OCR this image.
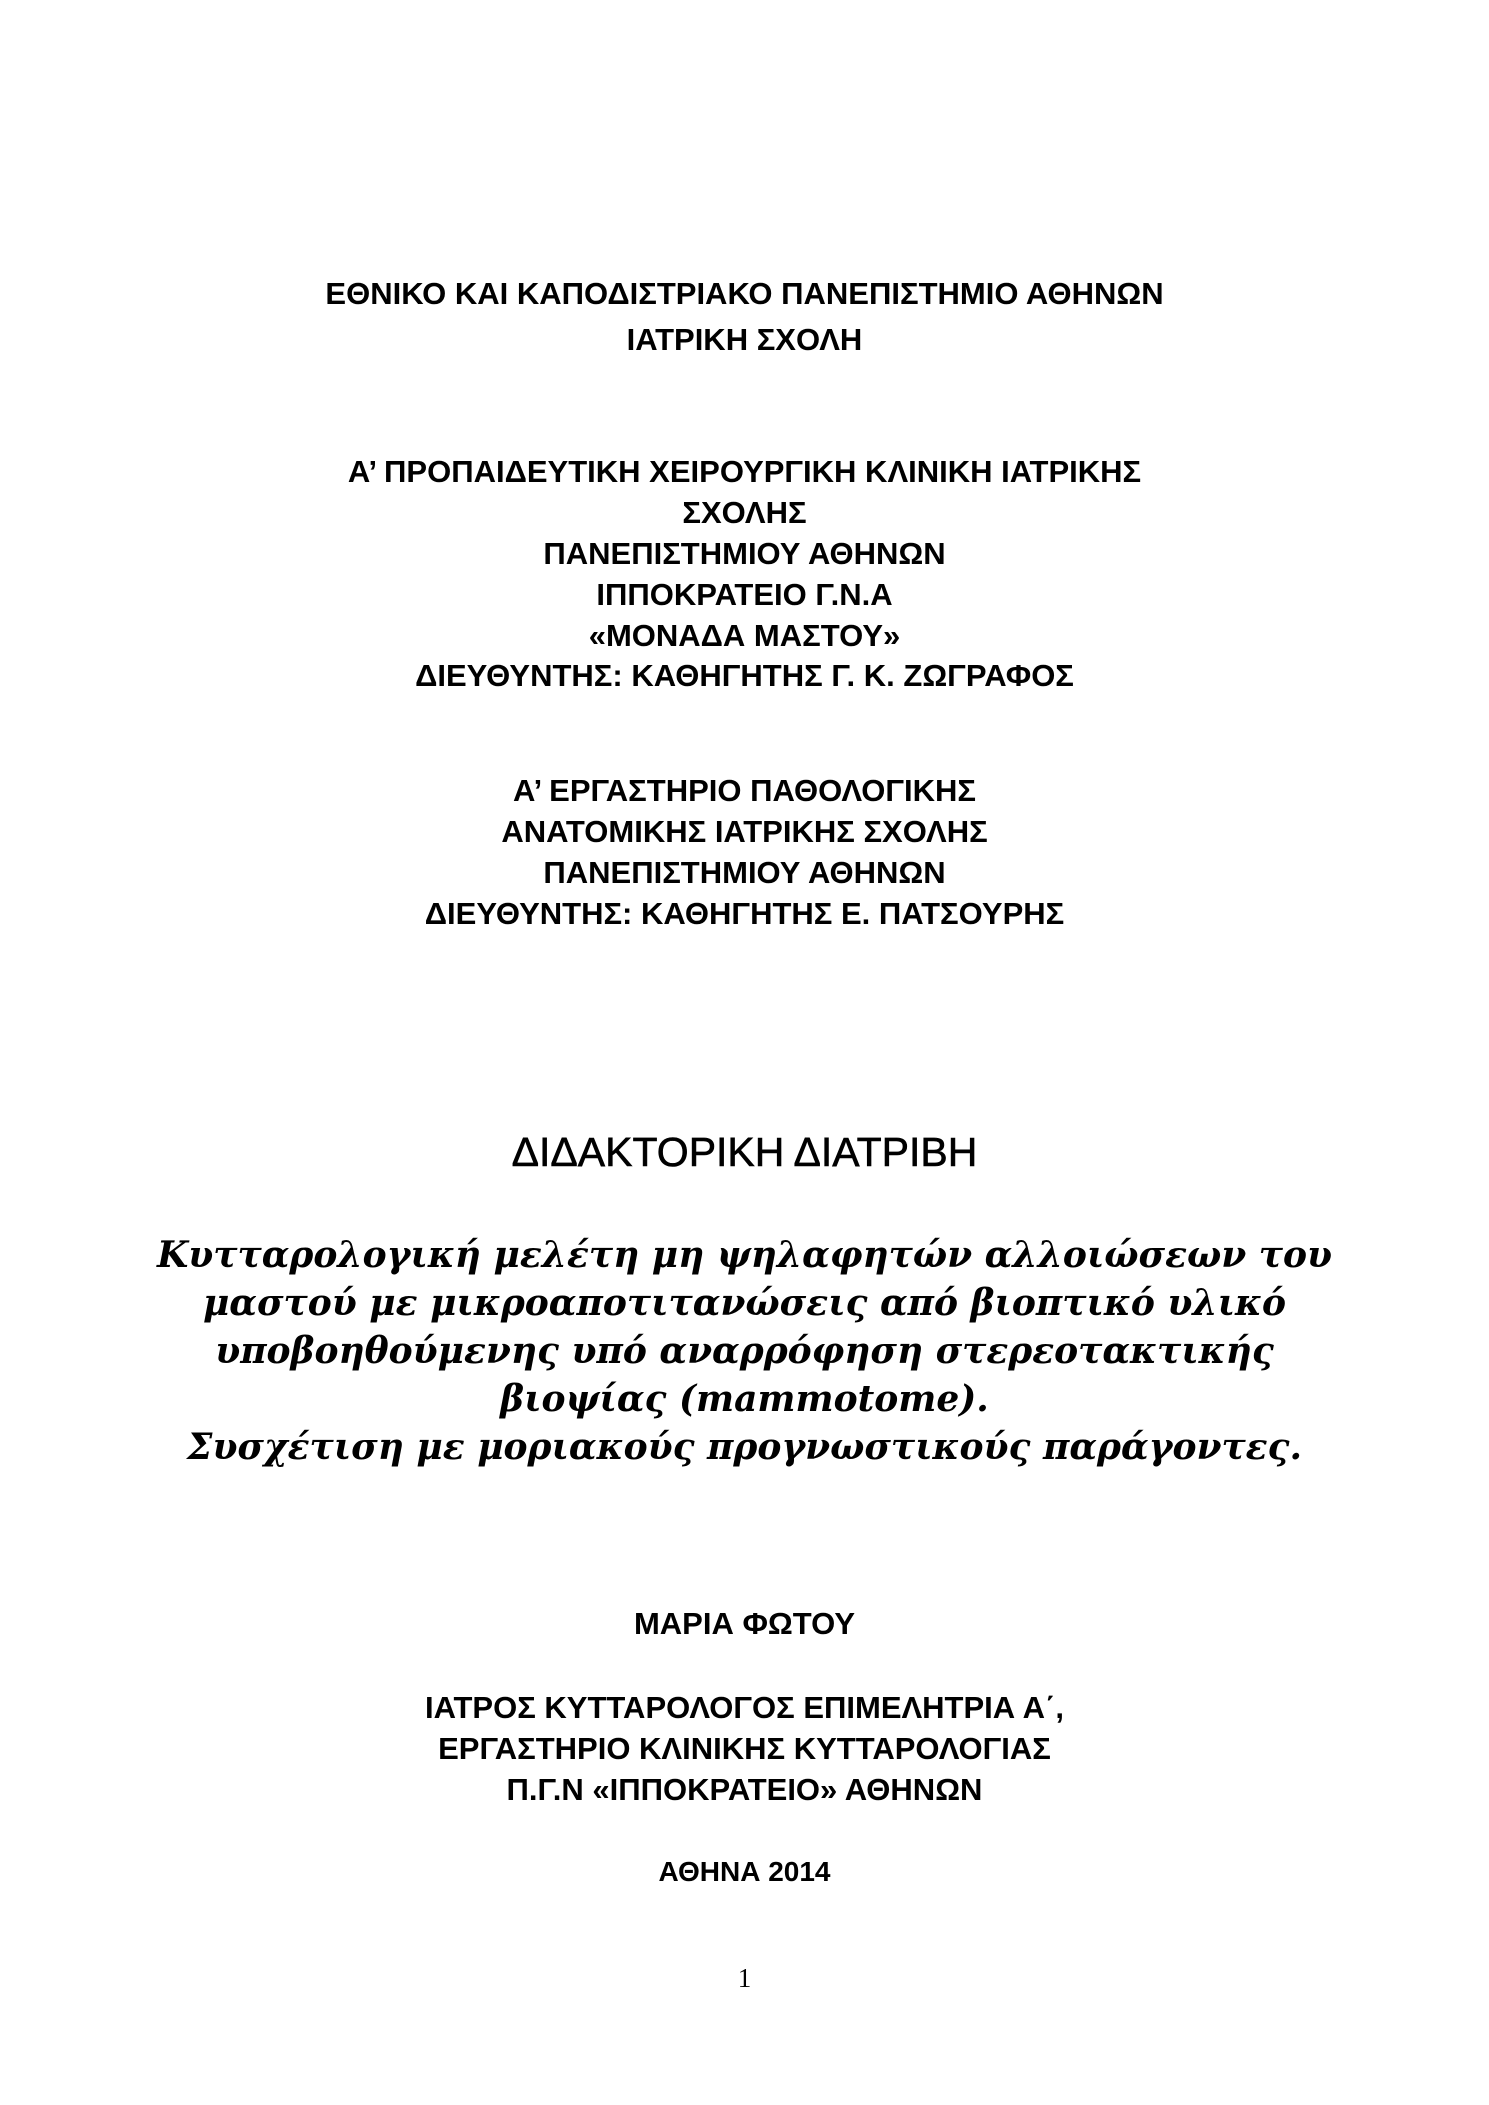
ΕΘΝΙΚΟ ΚΑΙ ΚΑΠΟΔΙΣΤΡΙΑΚΟ ΠΑΝΕΠΙΣΤΗΜΙΟ ΑΘΗΝΩΝ
ΙΑΤΡΙΚΗ ΣΧΟΛΗ
Α’ ΠΡΟΠΑΙΔΕΥΤΙΚΗ ΧΕΙΡΟΥΡΓΙΚΗ ΚΛΙΝΙΚΗ ΙΑΤΡΙΚΗΣ
ΣΧΟΛΗΣ
ΠΑΝΕΠΙΣΤΗΜΙΟΥ ΑΘΗΝΩΝ
ΙΠΠΟΚΡΑΤΕΙΟ Γ.Ν.Α
«ΜΟΝΑΔΑ ΜΑΣΤΟΥ»
ΔΙΕΥΘΥΝΤΗΣ: ΚΑΘΗΓΗΤΗΣ Γ. Κ. ΖΩΓΡΑΦΟΣ
Α’ ΕΡΓΑΣΤΗΡΙΟ ΠΑΘΟΛΟΓΙΚΗΣ
ΑΝΑΤΟΜΙΚΗΣ ΙΑΤΡΙΚΗΣ ΣΧΟΛΗΣ
ΠΑΝΕΠΙΣΤΗΜΙΟΥ ΑΘΗΝΩΝ
ΔΙΕΥΘΥΝΤΗΣ: ΚΑΘΗΓΗΤΗΣ Ε. ΠΑΤΣΟΥΡΗΣ
ΔΙΔΑΚΤΟΡΙΚΗ ΔΙΑΤΡΙΒΗ
Κυτταρολογική μελέτη μη ψηλαφητών αλλοιώσεων του
μαστού με μικροαποτιτανώσεις από βιοπτικό υλικό
υποβοηθούμενης υπό αναρρόφηση στερεοτακτικής
βιοψίας (mammotome).
Συσχέτιση με μοριακούς προγνωστικούς παράγοντες.
ΜΑΡΙΑ ΦΩΤΟΥ
ΙΑΤΡΟΣ ΚΥΤΤΑΡΟΛΟΓΟΣ ΕΠΙΜΕΛΗΤΡΙΑ Α΄,
ΕΡΓΑΣΤΗΡΙΟ ΚΛΙΝΙΚΗΣ ΚΥΤΤΑΡΟΛΟΓΙΑΣ
Π.Γ.Ν «ΙΠΠΟΚΡΑΤΕΙΟ» ΑΘΗΝΩΝ
ΑΘΗΝΑ 2014
1
